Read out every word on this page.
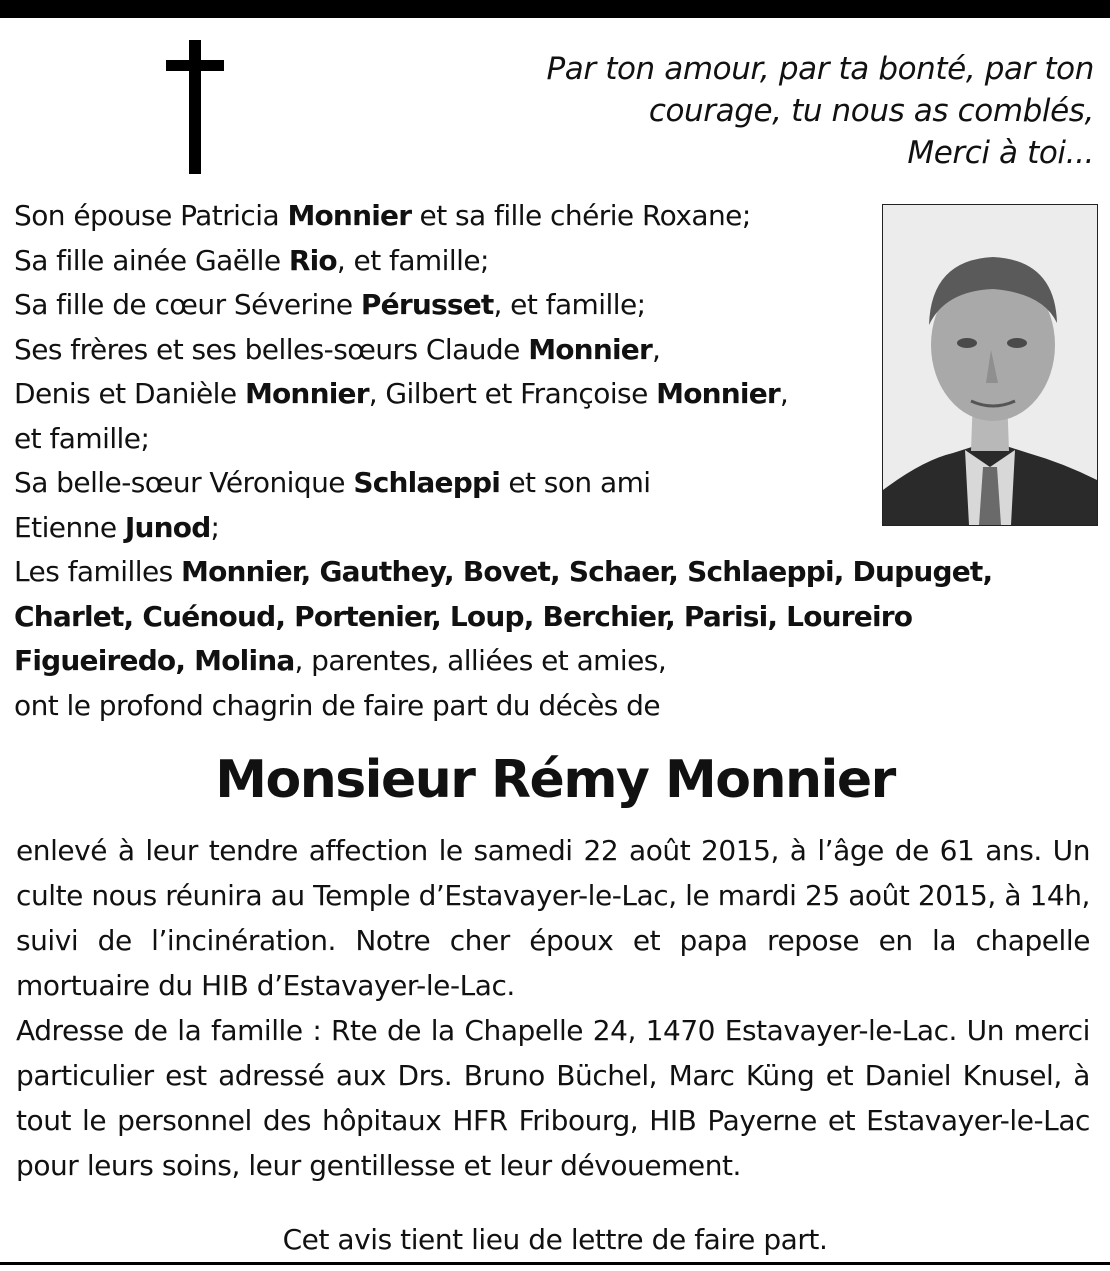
Par ton amour, par ta bonté, par ton
courage, tu nous as comblés,
Merci à toi...
Son épouse Patricia Monnier et sa fille chérie Roxane;
Sa fille ainée Gaëlle Rio, et famille;
Sa fille de cœur Séverine Pérusset, et famille;
Ses frères et ses belles-sœurs Claude Monnier,
Denis et Danièle Monnier, Gilbert et Françoise Monnier,
et famille;
Sa belle-sœur Véronique Schlaeppi et son ami
Etienne Junod;
Les familles Monnier, Gauthey, Bovet, Schaer, Schlaeppi, Dupuget,
Charlet, Cuénoud, Portenier, Loup, Berchier, Parisi, Loureiro
Figueiredo, Molina, parentes, alliées et amies,
ont le profond chagrin de faire part du décès de
Monsieur Rémy Monnier

enlevé à leur tendre affection le samedi 22 août 2015, à l’âge de 61 ans. Un culte nous réunira au Temple d’Estavayer-le-Lac, le mardi 25 août 2015, à 14h, suivi de l’incinération. Notre cher époux et papa repose en la chapelle mortuaire du HIB d’Estavayer-le-Lac.

Adresse de la famille : Rte de la Chapelle 24, 1470 Estavayer-le-Lac. Un merci particulier est adressé aux Drs. Bruno Büchel, Marc Küng et Daniel Knusel, à tout le personnel des hôpitaux HFR Fribourg, HIB Payerne et Estavayer-le-Lac pour leurs soins, leur gentillesse et leur dévouement.

Cet avis tient lieu de lettre de faire part.
